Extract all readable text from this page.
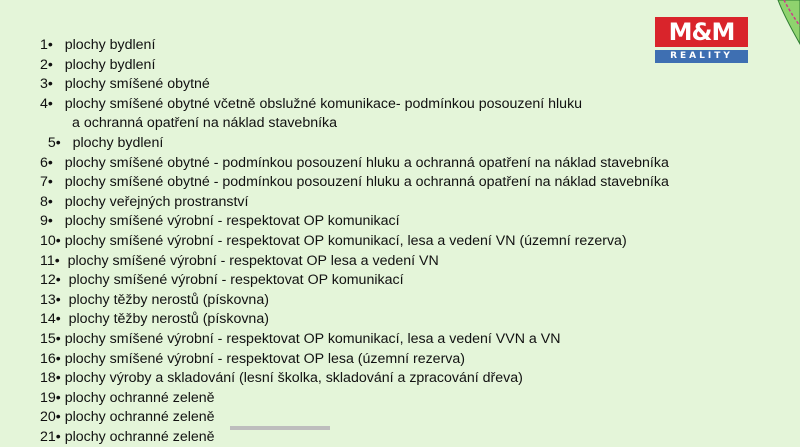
1•   plochy bydlení
2•   plochy bydlení
3•   plochy smíšené obytné
4•   plochy smíšené obytné včetně obslužné komunikace- podmínkou posouzení hluku
a ochranná opatření na náklad stavebníka
5•   plochy bydlení
6•   plochy smíšené obytné - podmínkou posouzení hluku a ochranná opatření na náklad stavebníka
7•   plochy smíšené obytné - podmínkou posouzení hluku a ochranná opatření na náklad stavebníka
8•   plochy veřejných prostranství
9•   plochy smíšené výrobní - respektovat OP komunikací
10• plochy smíšené výrobní - respektovat OP komunikací, lesa a vedení VN (územní rezerva)
11•  plochy smíšené výrobní - respektovat OP lesa a vedení VN
12•  plochy smíšené výrobní - respektovat OP komunikací
13•  plochy těžby nerostů (pískovna)
14•  plochy těžby nerostů (pískovna)
15• plochy smíšené výrobní - respektovat OP komunikací, lesa a vedení VVN a VN
16• plochy smíšené výrobní - respektovat OP lesa (územní rezerva)
18• plochy výroby a skladování (lesní školka, skladování a zpracování dřeva)
19• plochy ochranné zeleně
20• plochy ochranné zeleně
21• plochy ochranné zeleně
M&M
REALITY
